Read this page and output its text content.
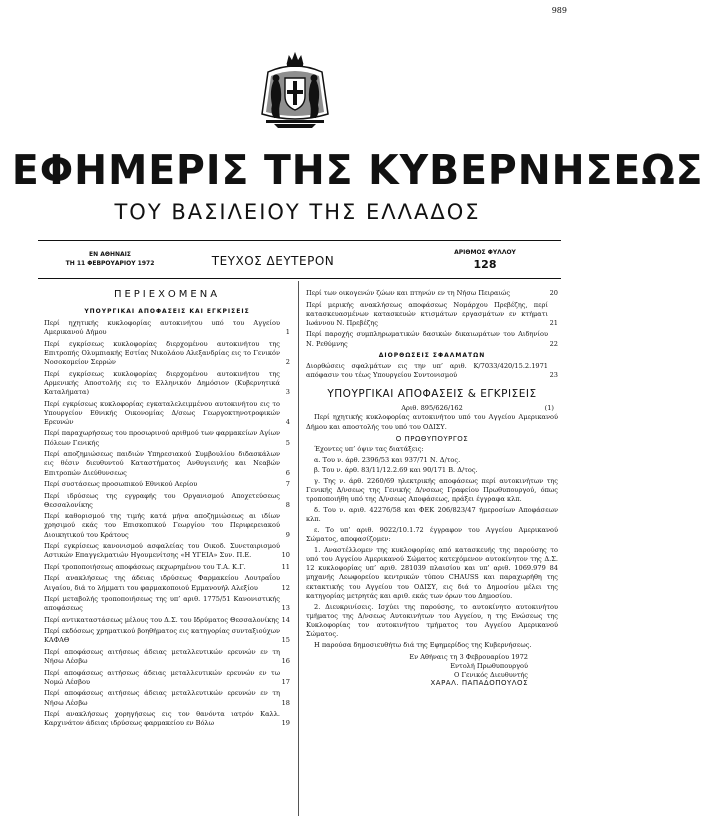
989
ΕΦΗΜΕΡΙΣ ΤΗΣ ΚΥΒΕΡΝΗΣΕΩΣ
ΤΟΥ ΒΑΣΙΛΕΙΟΥ ΤΗΣ ΕΛΛΑΔΟΣ
ΕΝ ΑΘΗΝΑΙΣ
ΤΗ 11 ΦΕΒΡΟΥΑΡΙΟΥ 1972	ΤΕΥΧΟΣ ΔΕΥΤΕΡΟΝ
ΑΡΙΘΜΟΣ ΦΥΛΛΟΥ
128
ΠΕΡΙΕΧΟΜΕΝΑ
ΥΠΟΥΡΓΙΚΑΙ ΑΠΟΦΑΣΕΙΣ ΚΑΙ ΕΓΚΡΙΣΕΙΣ
Περί ηχητικής κυκλοφορίας αυτοκινήτου υπό του Αγγείου Αμερικανού Δήμου	1
Περί εγκρίσεως κυκλοφορίας διερχομένου αυτοκινήτου της Επιτροπής Ολυμπιακής Εστίας Νικολάου Αλεξανδρίας εις το Γενικόν Νοσοκομείον Σερρών	2
Περί εγκρίσεως κυκλοφορίας διερχομένου αυτοκινήτου της Αρμενικής Αποστολής εις το Ελληνικόν Δημόσιον (Κυβερνητικά Καταλήματα)	3
Περί εγκρίσεως κυκλοφορίας εγκαταλελειμμένου αυτοκινήτου εις το Υπουργείον Εθνικής Οικονομίας Δ/σεως Γεωργοκτηνοτροφικών Ερευνών	4
Περί παραχωρήσεως του προσωρινού αριθμού των φαρμακείων Αγίων Πόλεων Γενικής	5
Περί αποζημιώσεως παιδιών Υπηρεσιακού Συμβουλίου διδασκάλων εις θέσιν διευθυντού Καταστήματος Ανθυγιεινής και Νεαβών Επιτροπών Διεύθυνσεως	6
Περί συστάσεως προσωπικού Εθνικού Αερίου	7
Περί ιδρύσεως της εγγραφής του Οργανισμού Αποχετεύσεως Θεσσαλονίκης	8
Περί καθορισμού της τιμής κατά μήνα αποζημιώσεως αι ιδίων χρησιμού εκάς του Επισκοπικού Γεωργίου του Περιφερειακού Διοικητικού του Κράτους	9
Περί εγκρίσεως κανονισμού ασφαλείας του Οικοδ. Συνεταιρισμού Αστικών Επαγγελματιών Ηγουμενίτσης «Η ΥΓΕΙΑ» Συν. Π.Ε.	10
Περί τροποποιήσεως αποφάσεως εκχωρημένου του Τ.Α. Κ.Γ.	11
Περί ανακλήσεως της άδειας ιδρύσεως Φαρμακείου Λουτραΐου Αιγαίου, διά το λήμματι του φαρμακοποιού Εμμανουήλ Αλεξίου	12
Περί μεταβολής τροποποιήσεως της υπ’ αριθ. 1775/51 Κανονιστικής αποφάσεως	13
Περί αντικαταστάσεως μέλους του Δ.Σ. του Ιδρύματος Θεσσαλονίκης 14
Περί εκδόσεως χρηματικού βοηθήματος εις κατηγορίας συνταξιούχων ΚΑΦΑΘ	15
Περί αποφάσεως αιτήσεως άδειας μεταλλευτικών ερευνών εν τη Νήσω Λέσβω	16
Περί αποφάσεως αιτήσεως άδειας μεταλλευτικών ερευνών εν τω Νομώ Λέσβου	17
Περί αποφάσεως αιτήσεως άδειας μεταλλευτικών ερευνών εν τη Νήσω Λέσβω	18
Περί ανακλήσεως χορηγήσεως εις τον θανόντα ιατρόν Καλλ. Καρχινάτον άδειας ιδρύσεως φαρμακείου εν Βόλω	19
Περί των οικογενών ζώων και πτηνών εν τη Νήσω Πειραιώς	20
Περί μερικής ανακλήσεως αποφάσεως Νομάρχου Πρεβέζης, περί κατασκευασμένων κατασκευών κτισμάτων εργασμάτων εν κτήματι Ιωάννου Ν. Πρεβέζης	21
Περί παροχής συμπληρωματικών δασικών δικαιωμάτων του Αιδηνίου Ν. Ρεθύμνης	22
ΔΙΟΡΘΩΣΕΙΣ ΣΦΑΛΜΑΤΩΝ
Διορθώσεις σφαλμάτων εις την υπ’ αριθ. Κ/7033/420/15.2.1971 απόφασιν του τέως Υπουργείου Συντονισμού	23
ΥΠΟΥΡΓΙΚΑΙ ΑΠΟΦΑΣΕΙΣ & ΕΓΚΡΙΣΕΙΣ
Αριθ. 895/626/162	(1)
Περί ηχητικής κυκλοφορίας αυτοκινήτου υπό του Αγγείου Αμερικανού Δήμου και αποστολής του υπό του ΟΔΙΣΥ.
Ο ΠΡΩΘΥΠΟΥΡΓΟΣ
Έχοντες υπ’ όψιν τας διατάξεις:
α. Του ν. άρθ. 2396/53 και 937/71 Ν. Δ/τος.
β. Του ν. άρθ. 83/11/12.2.69 και 90/171 Β. Δ/τος.
γ. Της ν. άρθ. 2260/69 ηλεκτρικής αποφάσεως περί αυτοκινήτων της Γενικής Δ/νσεως της Γενικής Δ/νσεως Γραφείου Πρωθυπουργού, όπως τροποποιήθη υπό της Δ/νσεως Αποφάσεως, πράξει έγγραφα κλπ.
δ. Του ν. αριθ. 42276/58 και ΦΕΚ 206/823/47 ήμεροσίων Αποφάσεων κλπ.
ε. Το υπ’ αριθ. 9022/10.1.72 έγγραφον του Αγγείου Αμερικανού Σώματος, αποφασίζομεν:
1. Αναστέλλομεν της κυκλοφορίας από κατασκευής της παρούσης το υπό του Αγγείου Αμερικανού Σώματος κατεχόμενον αυτοκίνητον της Δ.Σ. 12 κυκλοφορίας υπ’ αριθ. 281039 πλαισίου και υπ’ αριθ. 1069.979 84 μηχανής Λεωφορείου κεντρικών τύπου CHAUSS και παραχωρήθη της εκτακτικής του Αγγείου του ΟΔΙΣΥ, εις διά το Δημοσίου μέλει της κατηγορίας μετρητάς και αριθ. εκάς των όρων του Δημοσίου.
2. Διευκρινίσεις. Ισχύει της παρούσης, το αυτοκίνητο αυτοκινήτου τμήματος της Δ/νσεως Αυτοκινήτων του Αγγείου, η της Ενώσεως της Κυκλοφορίας τον αυτοκινήτου τμήματος του Αγγείου Αμερικανού Σώματος.
Η παρούσα δημοσιευθήτω διά της Εφημερίδος της Κυβερνήσεως.
Εν Αθήναις τη 3 Φεβρουαρίου 1972
Εντολή Πρωθυπουργού
Ο Γενικός Διευθυντής
ΧΑΡΑΛ. ΠΑΠΑΔΟΠΟΥΛΟΣ
